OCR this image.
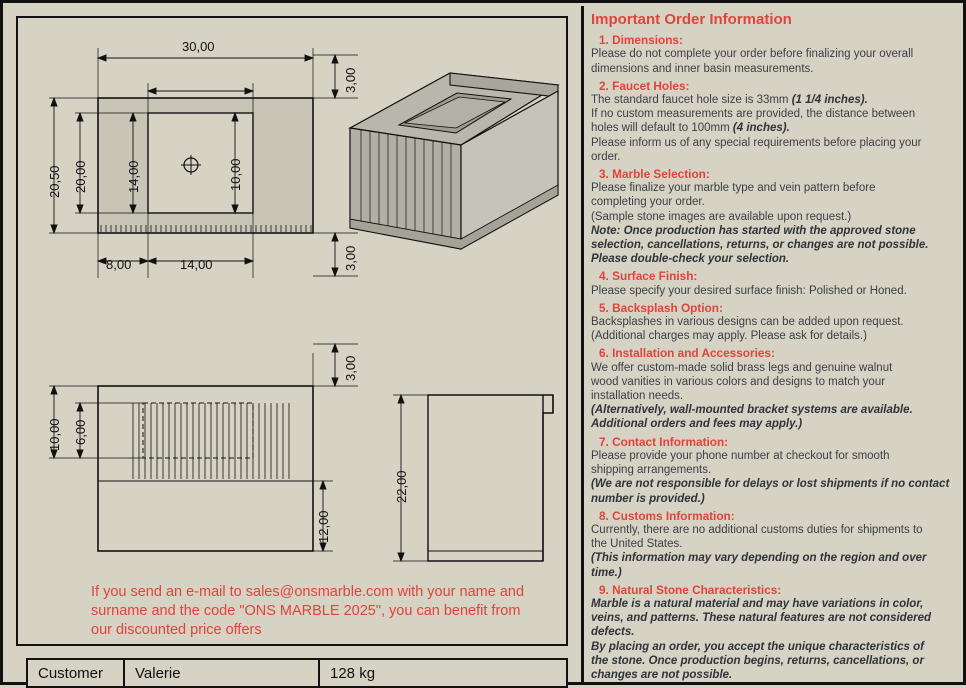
30,00
3,00
3,00
20,50 20,00	14,00	10,00
8,00	14,00
3,00
10,00 6,00
12,00
22,00
If you send an e-mail to sales@onsmarble.com with your name and surname and the code "ONS MARBLE 2025", you can benefit from our discounted price offers
Customer	Valerie	128 kg
Important Order Information
1. Dimensions:
Please do not complete your order before finalizing your overall
dimensions and inner basin measurements.
2. Faucet Holes:
The standard faucet hole size is 33mm (1 1/4 inches).
If no custom measurements are provided, the distance between
holes will default to 100mm (4 inches).
Please inform us of any special requirements before placing your
order.
3. Marble Selection:
Please finalize your marble type and vein pattern before
completing your order.
(Sample stone images are available upon request.)
Note: Once production has started with the approved stone
selection, cancellations, returns, or changes are not possible.
Please double-check your selection.
4. Surface Finish:
Please specify your desired surface finish: Polished or Honed.
5. Backsplash Option:
Backsplashes in various designs can be added upon request.
(Additional charges may apply. Please ask for details.)
6. Installation and Accessories:
We offer custom-made solid brass legs and genuine walnut
wood vanities in various colors and designs to match your
installation needs.
(Alternatively, wall-mounted bracket systems are available.
Additional orders and fees may apply.)
7. Contact Information:
Please provide your phone number at checkout for smooth
shipping arrangements.
(We are not responsible for delays or lost shipments if no contact
number is provided.)
8. Customs Information:
Currently, there are no additional customs duties for shipments to
the United States.
(This information may vary depending on the region and over
time.)
9. Natural Stone Characteristics:
Marble is a natural material and may have variations in color,
veins, and patterns. These natural features are not considered
defects.
By placing an order, you accept the unique characteristics of
the stone. Once production begins, returns, cancellations, or
changes are not possible.
